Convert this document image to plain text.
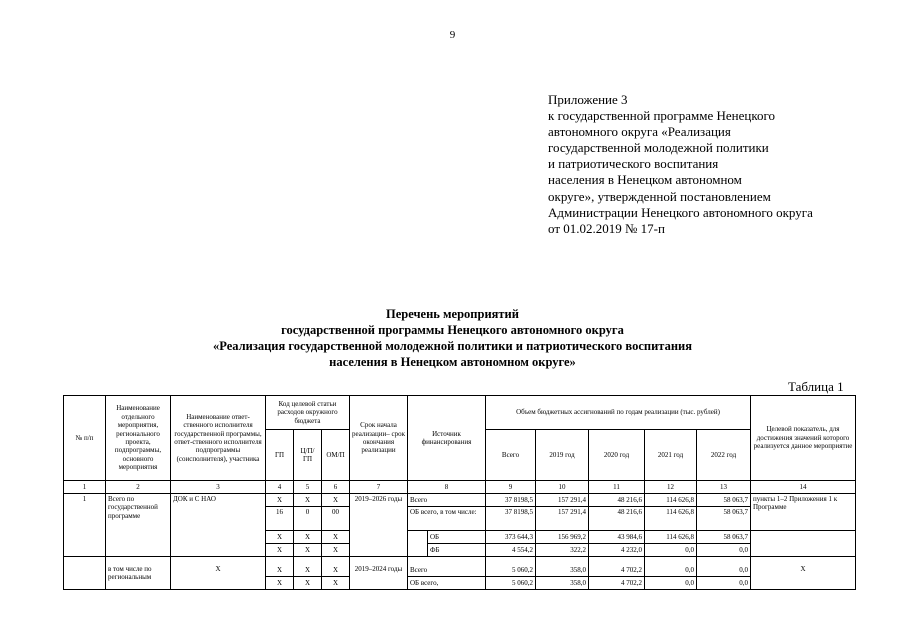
9
Приложение 3
к государственной программе Ненецкого
автономного округа «Реализация
государственной молодежной политики
и патриотического воспитания
населения в Ненецком автономном
округе», утвержденной постановлением
Администрации Ненецкого автономного округа
от 01.02.2019 № 17-п
Перечень мероприятий
государственной программы Ненецкого автономного округа
«Реализация государственной молодежной политики и патриотического воспитания
населения в Ненецком автономном округе»
Таблица 1
№ п/п	Наименование отдельного мероприятия, регионального проекта, подпрограммы, основного мероприятия	Наименование ответ-ственного исполнителя государственной программы, ответ-ственного исполнителя подпрограммы (соисполнителя), участника	Код целевой статьи расходов окружного бюджета			Срок начала реализации– срок окончания реализации	Источник финансирования		Объем бюджетных ассигнований по годам реализации (тыс. рублей)					Целевой показатель, для достижения значений которого реализуется данное мероприятие
			ГП	Ц/П/ГП	ОМ/П				Всего	2019 год	2020 год	2021 год	2022 год	
1	2	3	4	5	6	7	8		9	10	11	12	13	14
1	Всего по государственной программе	ДОК и С НАО	Х	Х	Х	2019–2026 годы	Всего		37 8198,5	157 291,4	48 216,6	114 626,8	58 063,7	пункты 1–2 Приложения 1 к Программе
			16	0	00		ОБ всего, в том числе:		37 8198,5	157 291,4	48 216,6	114 626,8	58 063,7	
			Х	Х	Х			ОБ	373 644,3	156 969,2	43 984,6	114 626,8	58 063,7	
			Х	Х	Х			ФБ	4 554,2	322,2	4 232,0	0,0	0,0	

	в том числе по региональным	Х	Х	Х	Х	2019–2024 годы	Всего		5 060,2	358,0	4 702,2	0,0	0,0	Х
			Х	Х	Х		ОБ всего,		5 060,2	358,0	4 702,2	0,0	0,0	
